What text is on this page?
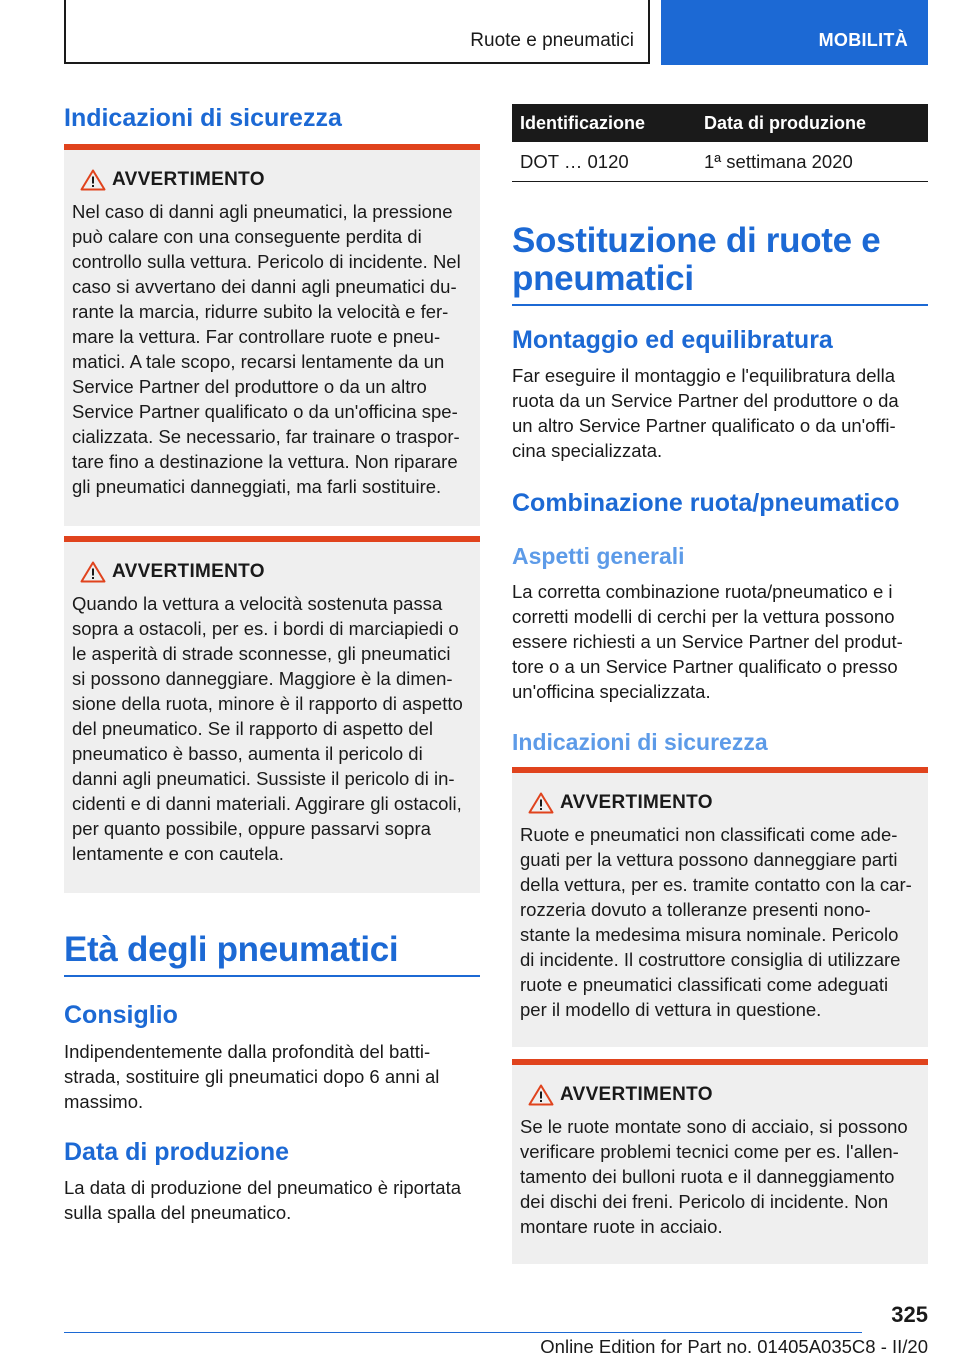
Ruote e pneumatici	MOBILITÀ
Indicazioni di sicurezza
AVVERTIMENTO
Nel caso di danni agli pneumatici, la pressione
può calare con una conseguente perdita di
controllo sulla vettura. Pericolo di incidente. Nel
caso si avvertano dei danni agli pneumatici du-
rante la marcia, ridurre subito la velocità e fer-
mare la vettura. Far controllare ruote e pneu-
matici. A tale scopo, recarsi lentamente da un
Service Partner del produttore o da un altro
Service Partner qualificato o da un'officina spe-
cializzata. Se necessario, far trainare o traspor-
tare fino a destinazione la vettura. Non riparare
gli pneumatici danneggiati, ma farli sostituire.
AVVERTIMENTO
Quando la vettura a velocità sostenuta passa
sopra a ostacoli, per es. i bordi di marciapiedi o
le asperità di strade sconnesse, gli pneumatici
si possono danneggiare. Maggiore è la dimen-
sione della ruota, minore è il rapporto di aspetto
del pneumatico. Se il rapporto di aspetto del
pneumatico è basso, aumenta il pericolo di
danni agli pneumatici. Sussiste il pericolo di in-
cidenti e di danni materiali. Aggirare gli ostacoli,
per quanto possibile, oppure passarvi sopra
lentamente e con cautela.
Età degli pneumatici
Consiglio
Indipendentemente dalla profondità del batti-
strada, sostituire gli pneumatici dopo 6 anni al
massimo.
Data di produzione
La data di produzione del pneumatico è riportata
sulla spalla del pneumatico.
Identificazione	Data di produzione
DOT … 0120	1ª settimana 2020
Sostituzione di ruote e
pneumatici
Montaggio ed equilibratura
Far eseguire il montaggio e l'equilibratura della
ruota da un Service Partner del produttore o da
un altro Service Partner qualificato o da un'offi-
cina specializzata.
Combinazione ruota/pneumatico
Aspetti generali
La corretta combinazione ruota/pneumatico e i
corretti modelli di cerchi per la vettura possono
essere richiesti a un Service Partner del produt-
tore o a un Service Partner qualificato o presso
un'officina specializzata.
Indicazioni di sicurezza
AVVERTIMENTO
Ruote e pneumatici non classificati come ade-
guati per la vettura possono danneggiare parti
della vettura, per es. tramite contatto con la car-
rozzeria dovuto a tolleranze presenti nono-
stante la medesima misura nominale. Pericolo
di incidente. Il costruttore consiglia di utilizzare
ruote e pneumatici classificati come adeguati
per il modello di vettura in questione.
AVVERTIMENTO
Se le ruote montate sono di acciaio, si possono
verificare problemi tecnici come per es. l'allen-
tamento dei bulloni ruota e il danneggiamento
dei dischi dei freni. Pericolo di incidente. Non
montare ruote in acciaio.
325
Online Edition for Part no. 01405A035C8 - II/20
